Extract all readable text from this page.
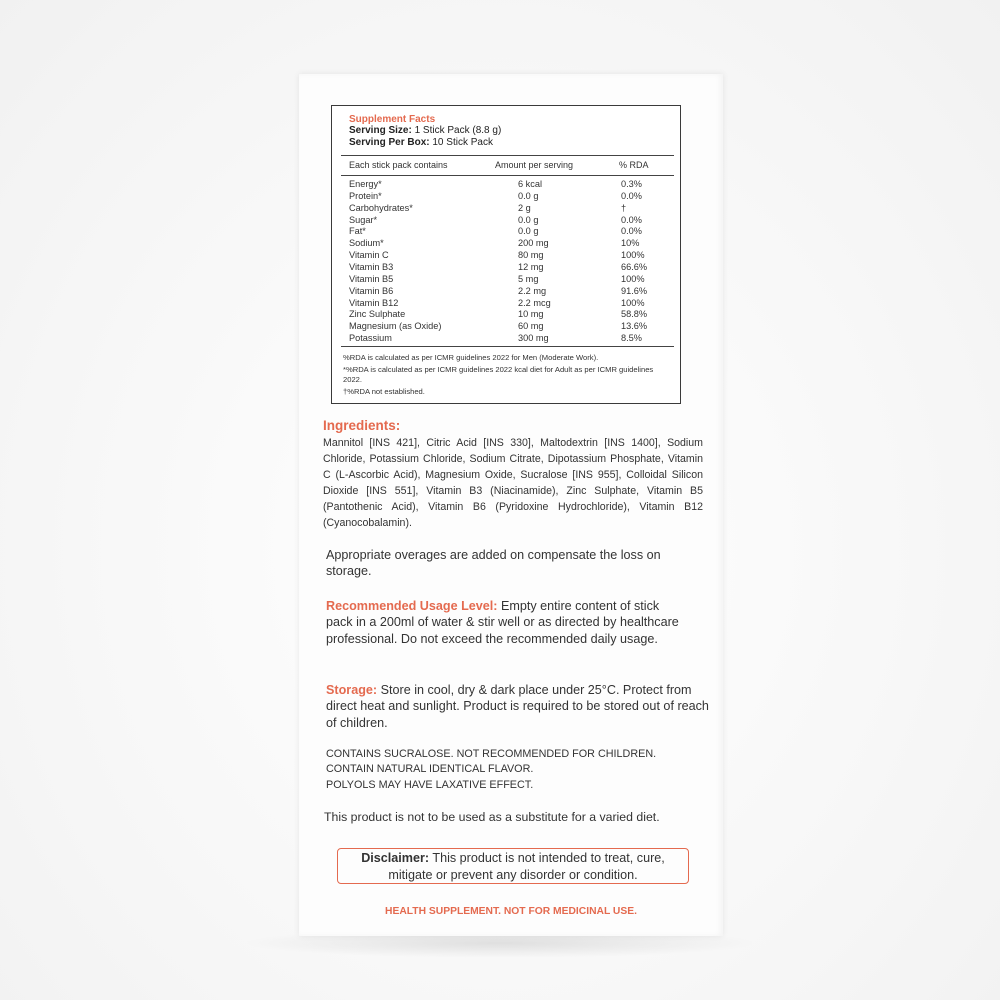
Supplement Facts
Serving Size: 1 Stick Pack (8.8 g)
Serving Per Box: 10 Stick Pack
Each stick pack contains	Amount per serving	% RDA
Energy*	6 kcal	0.3%
Protein*	0.0 g	0.0%
Carbohydrates*	2 g	†
Sugar*	0.0 g	0.0%
Fat*	0.0 g	0.0%
Sodium*	200 mg	10%
Vitamin C	80 mg	100%
Vitamin B3	12 mg	66.6%
Vitamin B5	5 mg	100%
Vitamin B6	2.2 mg	91.6%
Vitamin B12	2.2 mcg	100%
Zinc Sulphate	10 mg	58.8%
Magnesium (as Oxide)	60 mg	13.6%
Potassium	300 mg	8.5%
%RDA is calculated as per ICMR guidelines 2022 for Men (Moderate Work).
*%RDA is calculated as per ICMR guidelines 2022 kcal diet for Adult as per ICMR guidelines 2022.
†%RDA not established.
Ingredients:
Mannitol [INS 421], Citric Acid [INS 330], Maltodextrin [INS 1400], Sodium Chloride, Potassium Chloride, Sodium Citrate, Dipotassium Phosphate, Vitamin C (L-Ascorbic Acid), Magnesium Oxide, Sucralose [INS 955], Colloidal Silicon Dioxide [INS 551], Vitamin B3 (Niacinamide), Zinc Sulphate, Vitamin B5 (Pantothenic Acid), Vitamin B6 (Pyridoxine Hydrochloride), Vitamin B12 (Cyanocobalamin).
Appropriate overages are added on compensate the loss on storage.
Recommended Usage Level: Empty entire content of stick pack in a 200ml of water & stir well or as directed by healthcare professional. Do not exceed the recommended daily usage.
Storage: Store in cool, dry & dark place under 25°C. Protect from direct heat and sunlight. Product is required to be stored out of reach of children.
CONTAINS SUCRALOSE. NOT RECOMMENDED FOR CHILDREN.
CONTAIN NATURAL IDENTICAL FLAVOR.
POLYOLS MAY HAVE LAXATIVE EFFECT.
This product is not to be used as a substitute for a varied diet.
Disclaimer: This product is not intended to treat, cure, mitigate or prevent any disorder or condition.
HEALTH SUPPLEMENT. NOT FOR MEDICINAL USE.
